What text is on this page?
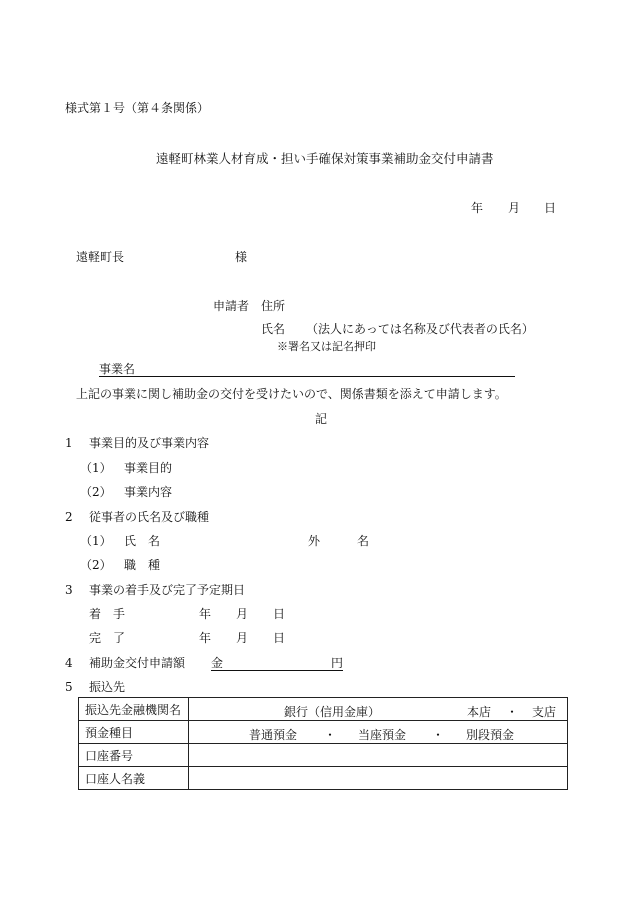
様式第１号（第４条関係）
遠軽町林業人材育成・担い手確保対策事業補助金交付申請書
年 月 日
遠軽町長	様
申請者 住所
氏名 （法人にあっては名称及び代表者の氏名）
※署名又は記名押印
事業名
上記の事業に関し補助金の交付を受けたいので、関係書類を添えて申請します。
記
1 事業目的及び事業内容
（1） 事業目的
（2） 事業内容
2 従事者の氏名及び職種
（1） 氏　名	外	名
（2） 職　種
3 事業の着手及び完了予定期日
着　手	年 月 日
完　了	年 月 日
4 補助金交付申請額 金	円
5 振込先
振込先金融機関名	銀行（信用金庫） 本店 ・ 支店

預金種目	普通預金 ・ 当座預金 ・ 別段預金

口座番号	
口座人名義	
